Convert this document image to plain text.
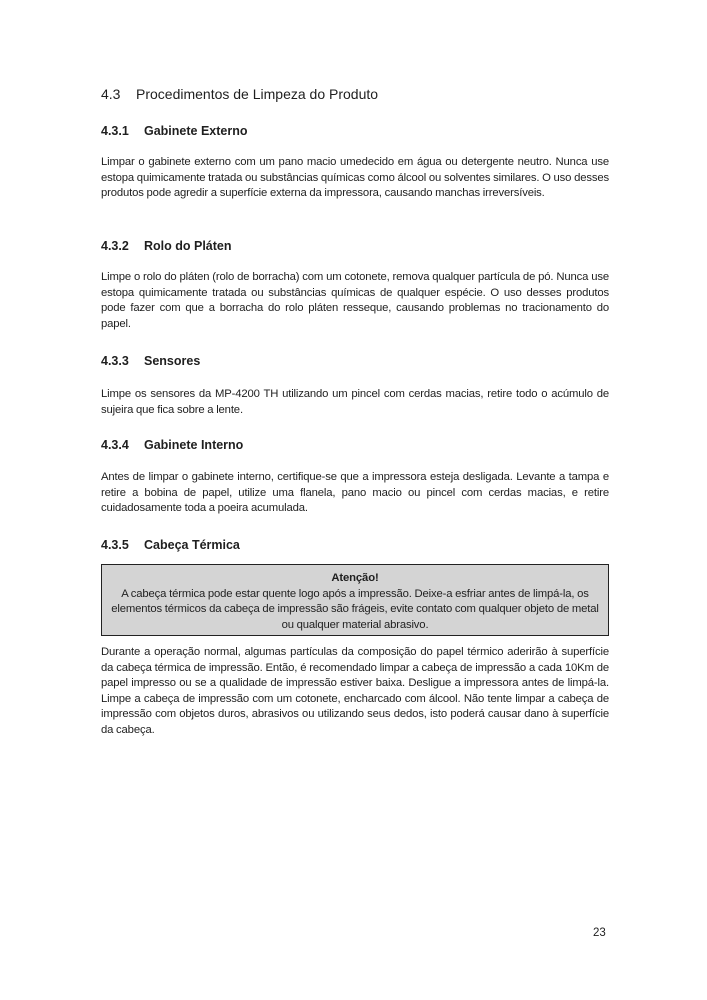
4.3 Procedimentos de Limpeza do Produto
4.3.1 Gabinete Externo

Limpar o gabinete externo com um pano macio umedecido em água ou detergente neutro. Nunca use estopa quimicamente tratada ou substâncias químicas como álcool ou solventes similares. O uso desses produtos pode agredir a superfície externa da impressora, causando manchas irreversíveis.

4.3.2 Rolo do Pláten

Limpe o rolo do pláten (rolo de borracha) com um cotonete, remova qualquer partícula de pó. Nunca use estopa quimicamente tratada ou substâncias químicas de qualquer espécie. O uso desses produtos pode fazer com que a borracha do rolo pláten resseque, causando problemas no tracionamento do papel.

4.3.3 Sensores

Limpe os sensores da MP-4200 TH utilizando um pincel com cerdas macias, retire todo o acúmulo de sujeira que fica sobre a lente.

4.3.4 Gabinete Interno

Antes de limpar o gabinete interno, certifique-se que a impressora esteja desligada. Levante a tampa e retire a bobina de papel, utilize uma flanela, pano macio ou pincel com cerdas macias, e retire cuidadosamente toda a poeira acumulada.

4.3.5 Cabeça Térmica
Atenção!
A cabeça térmica pode estar quente logo após a impressão. Deixe-a esfriar antes de limpá-la, os elementos térmicos da cabeça de impressão são frágeis, evite contato com qualquer objeto de metal ou qualquer material abrasivo.

Durante a operação normal, algumas partículas da composição do papel térmico aderirão à superfície da cabeça térmica de impressão. Então, é recomendado limpar a cabeça de impressão a cada 10Km de papel impresso ou se a qualidade de impressão estiver baixa. Desligue a impressora antes de limpá-la. Limpe a cabeça de impressão com um cotonete, encharcado com álcool. Não tente limpar a cabeça de impressão com objetos duros, abrasivos ou utilizando seus dedos, isto poderá causar dano à superfície da cabeça.

23
